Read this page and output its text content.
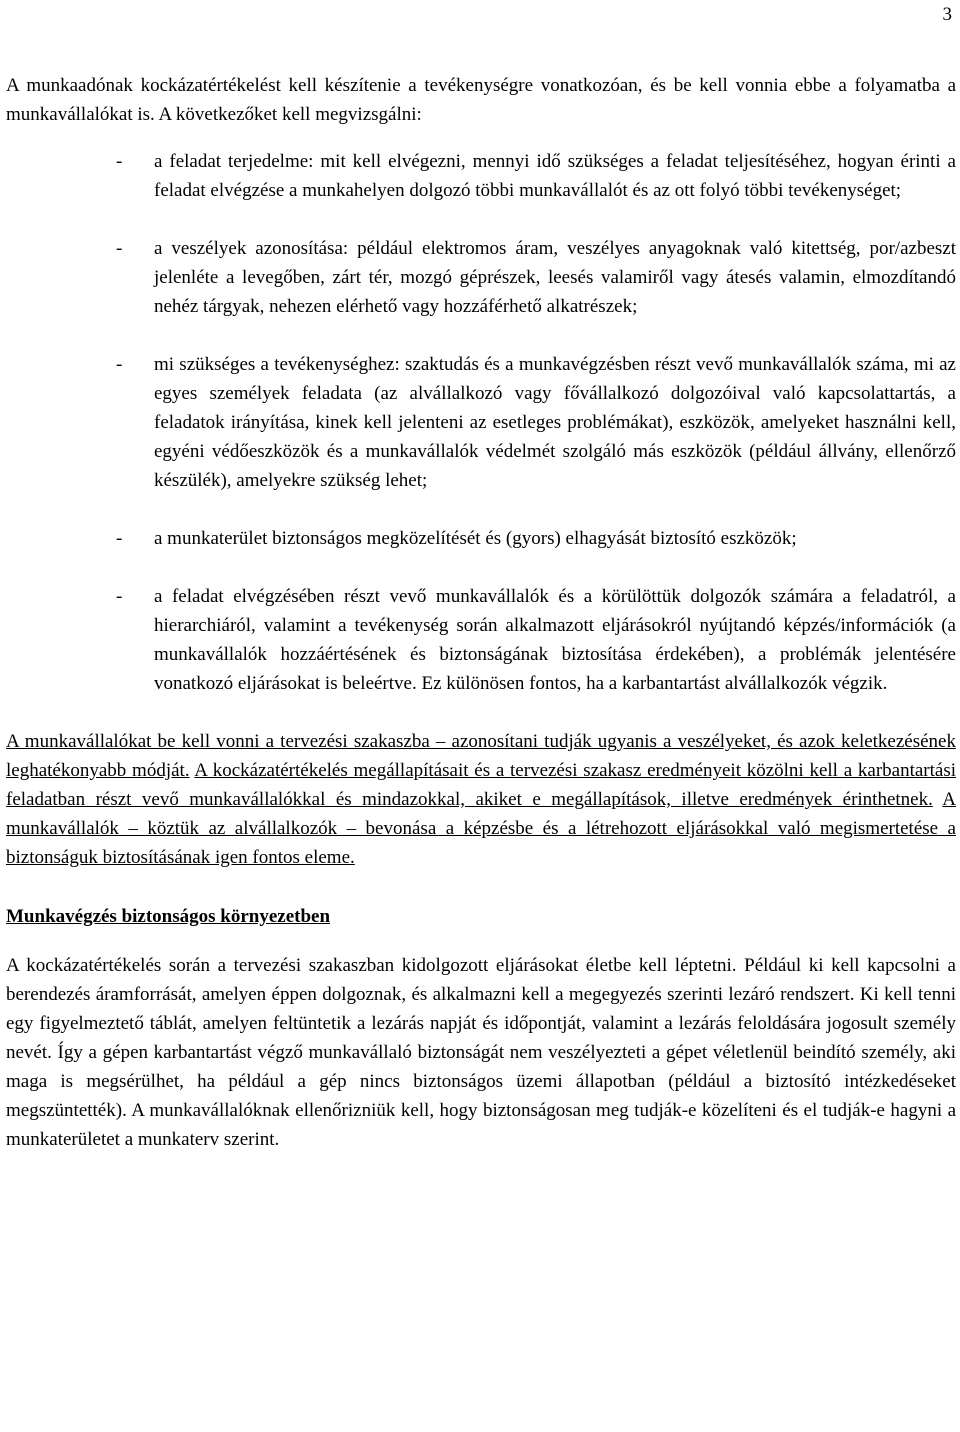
3

A munkaadónak kockázatértékelést kell készítenie a tevékenységre vonatkozóan, és be kell vonnia ebbe a folyamatba a munkavállalókat is. A következőket kell megvizsgálni:

- a feladat terjedelme: mit kell elvégezni, mennyi idő szükséges a feladat teljesítéséhez, hogyan érinti a feladat elvégzése a munkahelyen dolgozó többi munkavállalót és az ott folyó többi tevékenységet;
- a veszélyek azonosítása: például elektromos áram, veszélyes anyagoknak való kitettség, por/azbeszt jelenléte a levegőben, zárt tér, mozgó géprészek, leesés valamiről vagy átesés valamin, elmozdítandó nehéz tárgyak, nehezen elérhető vagy hozzáférhető alkatrészek;
- mi szükséges a tevékenységhez: szaktudás és a munkavégzésben részt vevő munkavállalók száma, mi az egyes személyek feladata (az alvállalkozó vagy fővállalkozó dolgozóival való kapcsolattartás, a feladatok irányítása, kinek kell jelenteni az esetleges problémákat), eszközök, amelyeket használni kell, egyéni védőeszközök és a munkavállalók védelmét szolgáló más eszközök (például állvány, ellenőrző készülék), amelyekre szükség lehet;
- a munkaterület biztonságos megközelítését és (gyors) elhagyását biztosító eszközök;
- a feladat elvégzésében részt vevő munkavállalók és a körülöttük dolgozók számára a feladatról, a hierarchiáról, valamint a tevékenység során alkalmazott eljárásokról nyújtandó képzés/információk (a munkavállalók hozzáértésének és biztonságának biztosítása érdekében), a problémák jelentésére vonatkozó eljárásokat is beleértve. Ez különösen fontos, ha a karbantartást alvállalkozók végzik.

A munkavállalókat be kell vonni a tervezési szakaszba – azonosítani tudják ugyanis a veszélyeket, és azok keletkezésének leghatékonyabb módját. A kockázatértékelés megállapításait és a tervezési szakasz eredményeit közölni kell a karbantartási feladatban részt vevő munkavállalókkal és mindazokkal, akiket e megállapítások, illetve eredmények érinthetnek. A munkavállalók – köztük az alvállalkozók – bevonása a képzésbe és a létrehozott eljárásokkal való megismertetése a biztonságuk biztosításának igen fontos eleme.

Munkavégzés biztonságos környezetben

A kockázatértékelés során a tervezési szakaszban kidolgozott eljárásokat életbe kell léptetni. Például ki kell kapcsolni a berendezés áramforrását, amelyen éppen dolgoznak, és alkalmazni kell a megegyezés szerinti lezáró rendszert. Ki kell tenni egy figyelmeztető táblát, amelyen feltüntetik a lezárás napját és időpontját, valamint a lezárás feloldására jogosult személy nevét. Így a gépen karbantartást végző munkavállaló biztonságát nem veszélyezteti a gépet véletlenül beindító személy, aki maga is megsérülhet, ha például a gép nincs biztonságos üzemi állapotban (például a biztosító intézkedéseket megszüntették). A munkavállalóknak ellenőrizniük kell, hogy biztonságosan meg tudják-e közelíteni és el tudják-e hagyni a munkaterületet a munkaterv szerint.
